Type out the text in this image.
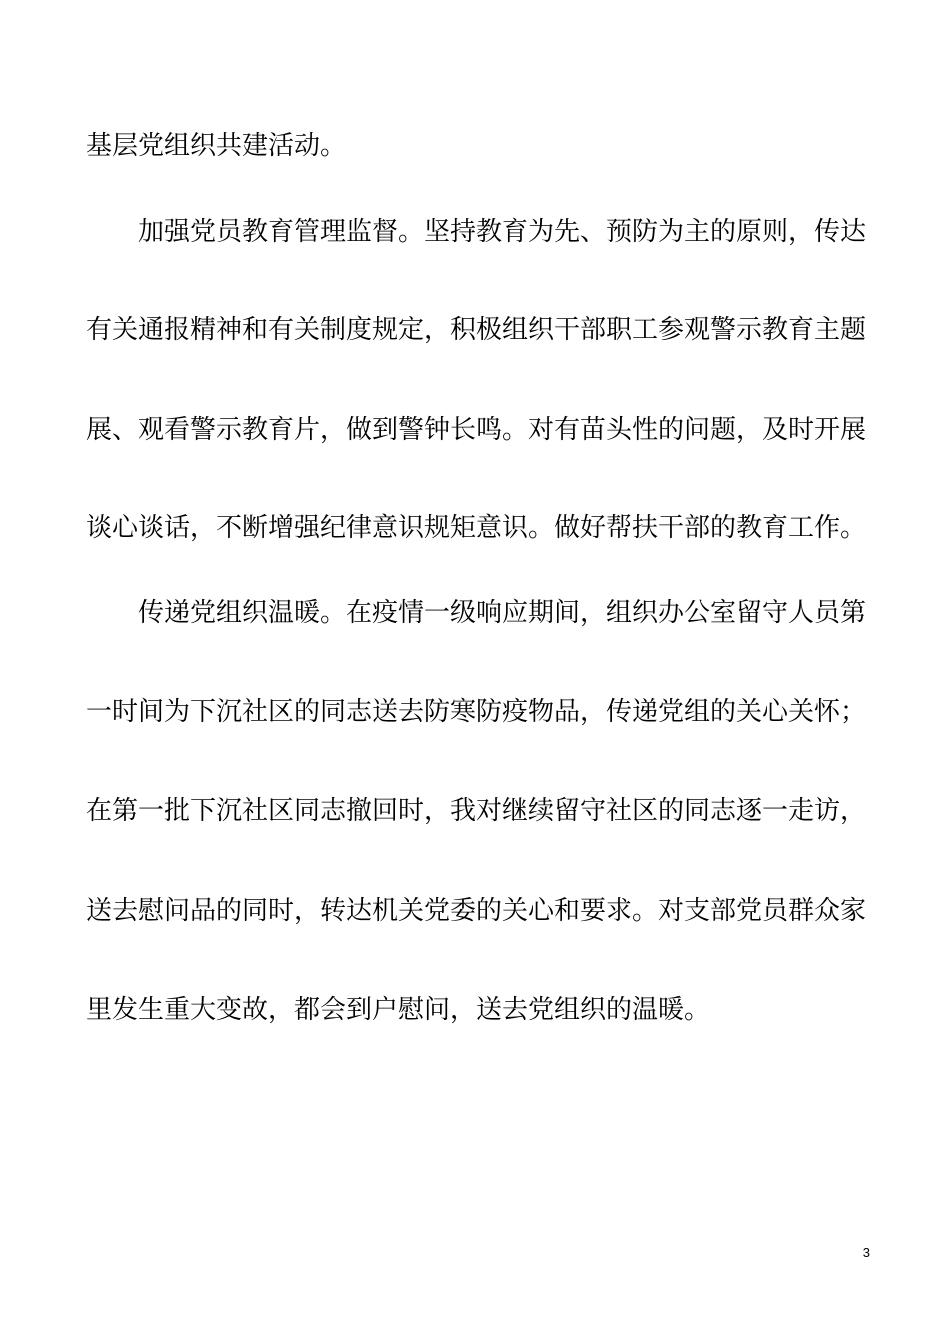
基层党组织共建活动。
加强党员教育管理监督。坚持教育为先、预防为主的原则，传达
有关通报精神和有关制度规定，积极组织干部职工参观警示教育主题
展、观看警示教育片，做到警钟长鸣。对有苗头性的问题，及时开展
谈心谈话，不断增强纪律意识规矩意识。做好帮扶干部的教育工作。
传递党组织温暖。在疫情一级响应期间，组织办公室留守人员第
一时间为下沉社区的同志送去防寒防疫物品，传递党组的关心关怀；
在第一批下沉社区同志撤回时，我对继续留守社区的同志逐一走访，
送去慰问品的同时，转达机关党委的关心和要求。对支部党员群众家
里发生重大变故，都会到户慰问，送去党组织的温暖。
3
